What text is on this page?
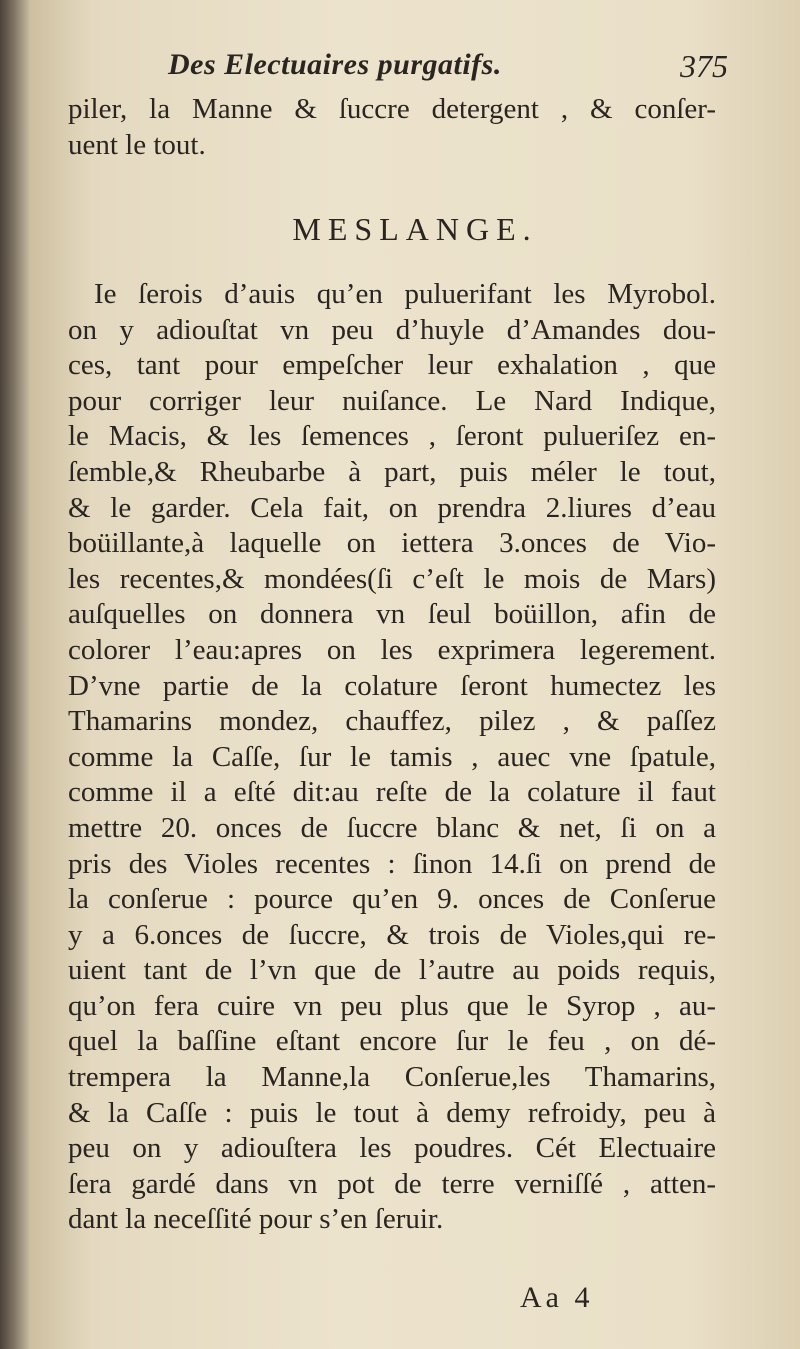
Des Electuaires purgatifs.	375
piler, la Manne & ſuccre detergent , & conſer-
uent le tout.
MESLANGE.
Ie ſerois d’auis qu’en puluerifant les Myrobol.
on y adiouſtat vn peu d’huyle d’Amandes dou-
ces, tant pour empeſcher leur exhalation , que
pour corriger leur nuiſance. Le Nard Indique,
le Macis, & les ſemences , ſeront pulueriſez en-
ſemble,& Rheubarbe à part, puis méler le tout,
& le garder. Cela fait, on prendra 2.liures d’eau
boüillante,à laquelle on iettera 3.onces de Vio-
les recentes,& mondées(ſi c’eſt le mois de Mars)
auſquelles on donnera vn ſeul boüillon, afin de
colorer l’eau:apres on les exprimera legerement.
D’vne partie de la colature ſeront humectez les
Thamarins mondez, chauffez, pilez , & paſſez
comme la Caſſe, ſur le tamis , auec vne ſpatule,
comme il a eſté dit:au reſte de la colature il faut
mettre 20. onces de ſuccre blanc & net, ſi on a
pris des Violes recentes : ſinon 14.ſi on prend de
la conſerue : pource qu’en 9. onces de Conſerue
y a 6.onces de ſuccre, & trois de Violes,qui re-
uient tant de l’vn que de l’autre au poids requis,
qu’on fera cuire vn peu plus que le Syrop , au-
quel la baſſine eſtant encore ſur le feu , on dé-
trempera la Manne,la Conſerue,les Thamarins,
& la Caſſe : puis le tout à demy refroidy, peu à
peu on y adiouſtera les poudres. Cét Electuaire
ſera gardé dans vn pot de terre verniſſé , atten-
dant la neceſſité pour s’en ſeruir.
Aa 4
